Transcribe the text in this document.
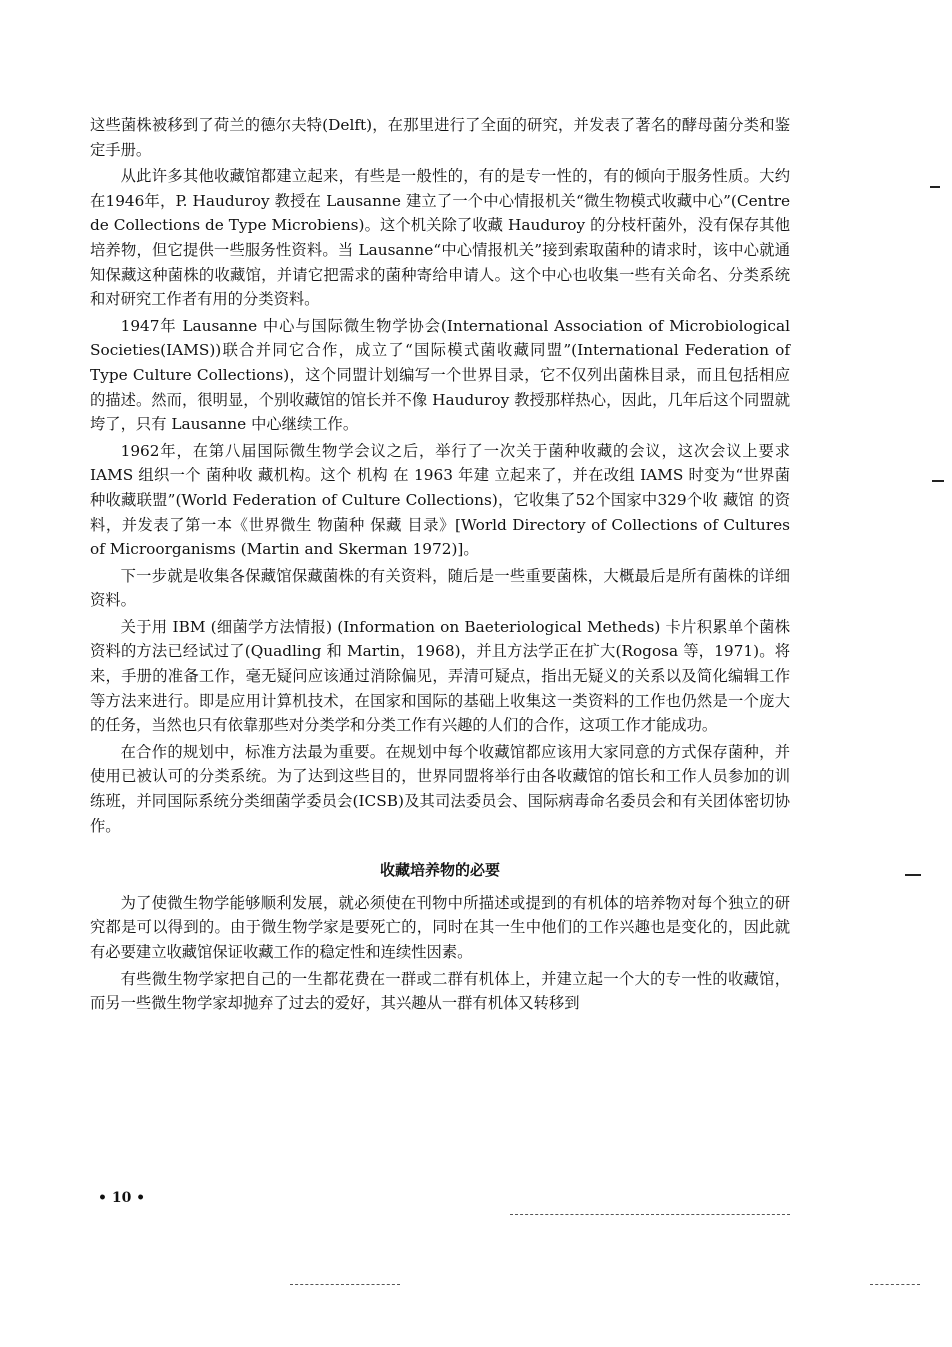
这些菌株被移到了荷兰的德尔夫特(Delft)，在那里进行了全面的研究，并发表了著名的酵母菌分类和鉴定手册。

从此许多其他收藏馆都建立起来，有些是一般性的，有的是专一性的，有的倾向于服务性质。大约在1946年，P. Hauduroy 教授在 Lausanne 建立了一个中心情报机关“微生物模式收藏中心”(Centre de Collections de Type Microbiens)。这个机关除了收藏 Hauduroy 的分枝杆菌外，没有保存其他培养物，但它提供一些服务性资料。当 Lausanne“中心情报机关”接到索取菌种的请求时，该中心就通知保藏这种菌株的收藏馆，并请它把需求的菌种寄给申请人。这个中心也收集一些有关命名、分类系统和对研究工作者有用的分类资料。

1947年 Lausanne 中心与国际微生物学协会(International Association of Microbiological Societies(IAMS))联合并同它合作，成立了“国际模式菌收藏同盟”(International Federation of Type Culture Collections)，这个同盟计划编写一个世界目录，它不仅列出菌株目录，而且包括相应的描述。然而，很明显，个别收藏馆的馆长并不像 Hauduroy 教授那样热心，因此，几年后这个同盟就垮了，只有 Lausanne 中心继续工作。

1962年，在第八届国际微生物学会议之后，举行了一次关于菌种收藏的会议，这次会议上要求 IAMS 组织一个 菌种收 藏机构。这个 机构 在 1963 年建 立起来了，并在改组 IAMS 时变为“世界菌种收藏联盟”(World Federation of Culture Collections)，它收集了52个国家中329个收 藏馆 的资料，并发表了第一本《世界微生 物菌种 保藏 目录》[World Directory of Collections of Cultures of Microorganisms (Martin and Skerman 1972)]。

下一步就是收集各保藏馆保藏菌株的有关资料，随后是一些重要菌株，大概最后是所有菌株的详细资料。

关于用 IBM (细菌学方法情报) (Information on Baeteriological Metheds) 卡片积累单个菌株资料的方法已经试过了(Quadling 和 Martin，1968)，并且方法学正在扩大(Rogosa 等，1971)。将来，手册的准备工作，毫无疑问应该通过消除偏见，弄清可疑点，指出无疑义的关系以及简化编辑工作等方法来进行。即是应用计算机技术，在国家和国际的基础上收集这一类资料的工作也仍然是一个庞大的任务，当然也只有依靠那些对分类学和分类工作有兴趣的人们的合作，这项工作才能成功。

在合作的规划中，标准方法最为重要。在规划中每个收藏馆都应该用大家同意的方式保存菌种，并使用已被认可的分类系统。为了达到这些目的，世界同盟将举行由各收藏馆的馆长和工作人员参加的训练班，并同国际系统分类细菌学委员会(ICSB)及其司法委员会、国际病毒命名委员会和有关团体密切协作。

收藏培养物的必要

为了使微生物学能够顺利发展，就必须使在刊物中所描述或提到的有机体的培养物对每个独立的研究都是可以得到的。由于微生物学家是要死亡的，同时在其一生中他们的工作兴趣也是变化的，因此就有必要建立收藏馆保证收藏工作的稳定性和连续性因素。

有些微生物学家把自己的一生都花费在一群或二群有机体上，并建立起一个大的专一性的收藏馆，而另一些微生物学家却抛弃了过去的爱好，其兴趣从一群有机体又转移到

• 10 •
